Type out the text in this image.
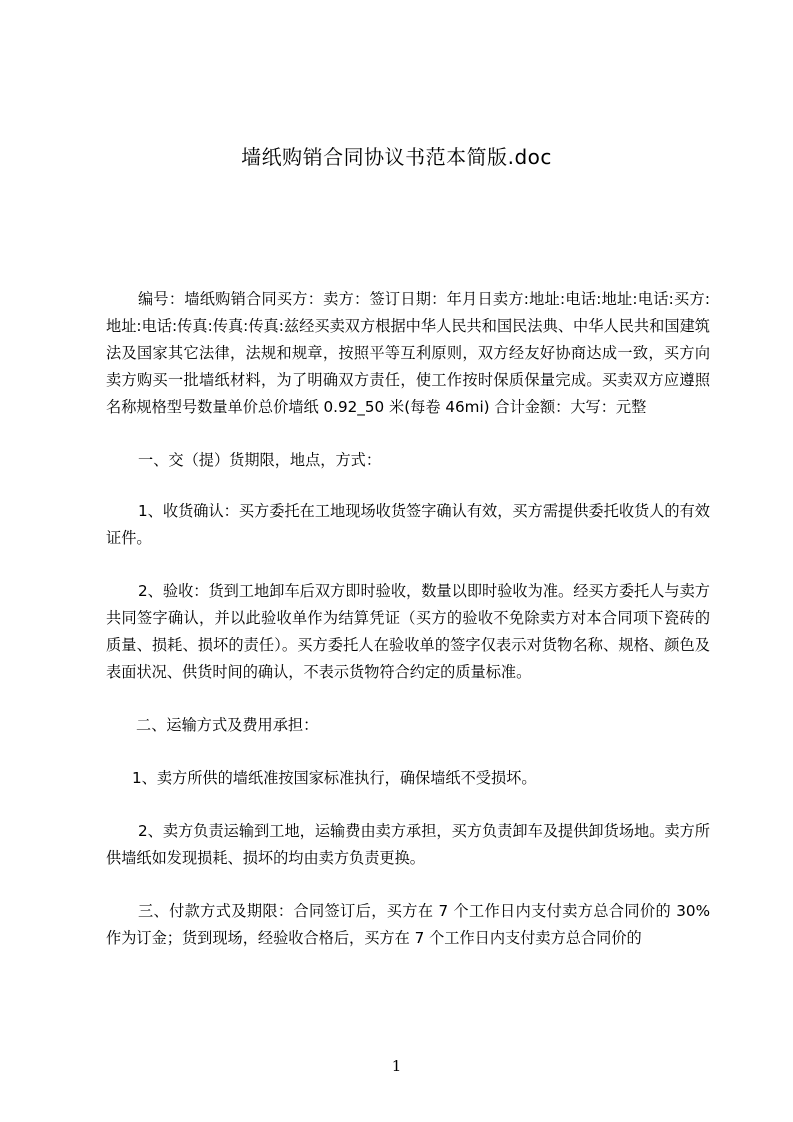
墙纸购销合同协议书范本简版.doc

编号：墙纸购销合同买方：卖方：签订日期：年月日卖方:地址:电话:地址:电话:买方:地址:电话:传真:传真:传真:兹经买卖双方根据中华人民共和国民法典、中华人民共和国建筑法及国家其它法律，法规和规章，按照平等互利原则，双方经友好协商达成一致，买方向卖方购买一批墙纸材料，为了明确双方责任，使工作按时保质保量完成。买卖双方应遵照名称规格型号数量单价总价墙纸 0.92_50 米(每卷 46mi) 合计金额：大写：元整

一、交（提）货期限，地点，方式：

1、收货确认：买方委托在工地现场收货签字确认有效，买方需提供委托收货人的有效证件。

2、验收：货到工地卸车后双方即时验收，数量以即时验收为准。经买方委托人与卖方共同签字确认，并以此验收单作为结算凭证（买方的验收不免除卖方对本合同项下瓷砖的质量、损耗、损坏的责任）。买方委托人在验收单的签字仅表示对货物名称、规格、颜色及表面状况、供货时间的确认，不表示货物符合约定的质量标准。

二、运输方式及费用承担：

1、卖方所供的墙纸准按国家标准执行，确保墙纸不受损坏。

2、卖方负责运输到工地，运输费由卖方承担，买方负责卸车及提供卸货场地。卖方所供墙纸如发现损耗、损坏的均由卖方负责更换。

三、付款方式及期限：合同签订后，买方在 7 个工作日内支付卖方总合同价的 30%作为订金；货到现场，经验收合格后，买方在 7 个工作日内支付卖方总合同价的

1
